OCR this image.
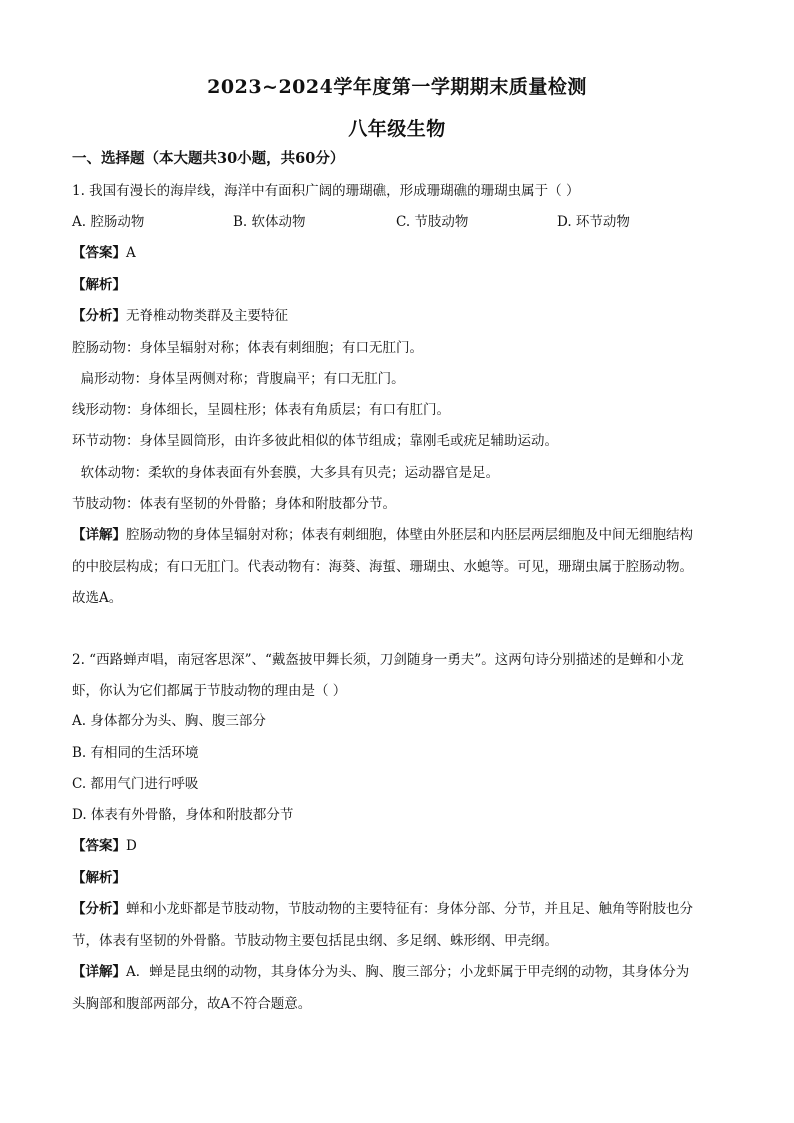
2023~2024学年度第一学期期末质量检测
八年级生物
一、选择题（本大题共30小题，共60分）
1. 我国有漫长的海岸线，海洋中有面积广阔的珊瑚礁，形成珊瑚礁的珊瑚虫属于（ ）
A. 腔肠动物	B. 软体动物	C. 节肢动物	D. 环节动物
【答案】A
【解析】
【分析】无脊椎动物类群及主要特征
腔肠动物：身体呈辐射对称；体表有刺细胞；有口无肛门。
扁形动物：身体呈两侧对称；背腹扁平；有口无肛门。
线形动物：身体细长，呈圆柱形；体表有角质层；有口有肛门。
环节动物：身体呈圆筒形，由许多彼此相似的体节组成；靠刚毛或疣足辅助运动。
软体动物：柔软的身体表面有外套膜，大多具有贝壳；运动器官是足。
节肢动物：体表有坚韧的外骨骼；身体和附肢都分节。
【详解】腔肠动物的身体呈辐射对称；体表有刺细胞，体壁由外胚层和内胚层两层细胞及中间无细胞结构
的中胶层构成；有口无肛门。代表动物有：海葵、海蜇、珊瑚虫、水螅等。可见，珊瑚虫属于腔肠动物。
故选A。
2. “西路蝉声唱，南冠客思深”、“戴盔披甲舞长须，刀剑随身一勇夫”。这两句诗分别描述的是蝉和小龙
虾，你认为它们都属于节肢动物的理由是（ ）
A. 身体都分为头、胸、腹三部分
B. 有相同的生活环境
C. 都用气门进行呼吸
D. 体表有外骨骼，身体和附肢都分节
【答案】D
【解析】
【分析】蝉和小龙虾都是节肢动物，节肢动物的主要特征有：身体分部、分节，并且足、触角等附肢也分
节，体表有坚韧的外骨骼。节肢动物主要包括昆虫纲、多足纲、蛛形纲、甲壳纲。
【详解】A．蝉是昆虫纲的动物，其身体分为头、胸、腹三部分；小龙虾属于甲壳纲的动物，其身体分为
头胸部和腹部两部分，故A不符合题意。
